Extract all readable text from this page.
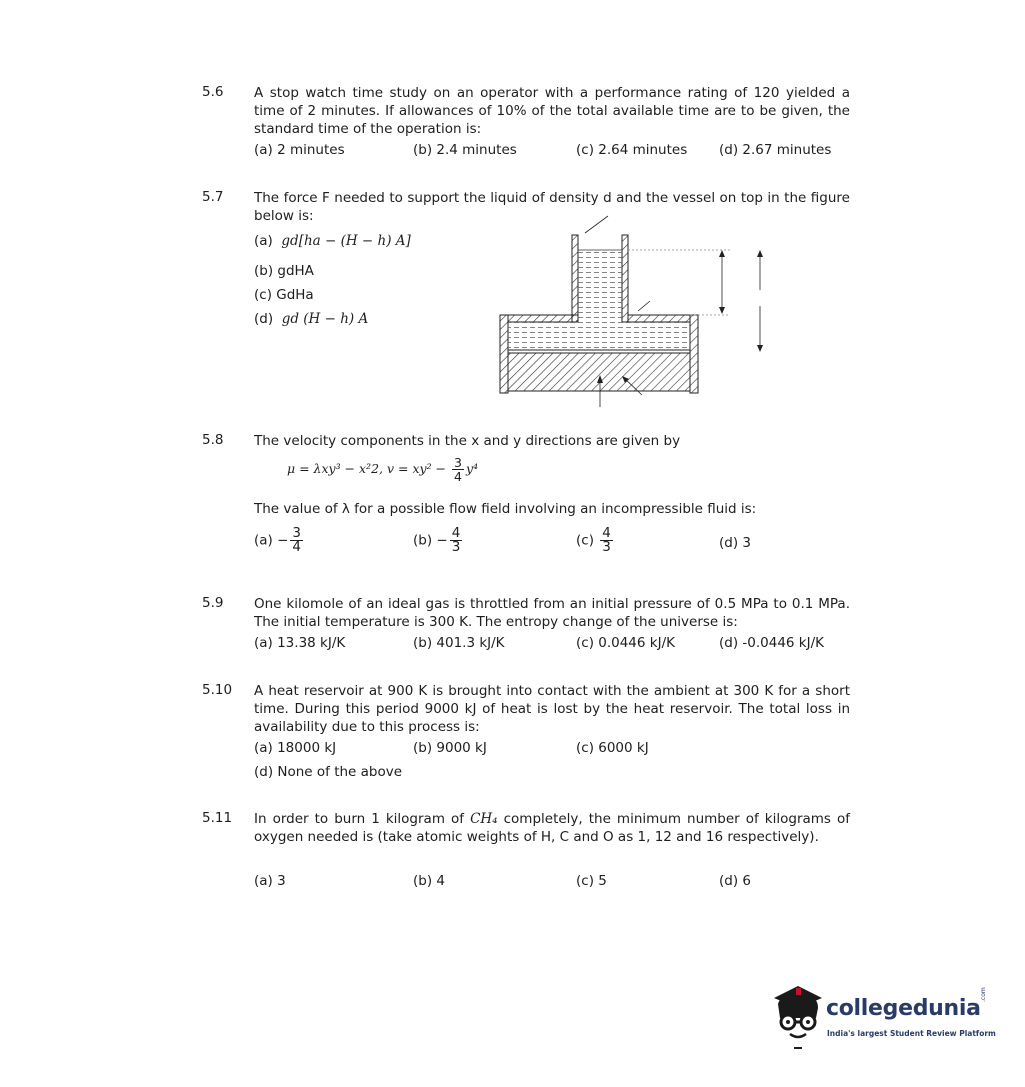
5.6 A stop watch time study on an operator with a performance rating of 120 yielded a time of 2 minutes. If allowances of 10% of the total available time are to be given, the standard time of the operation is:
(a) 2 minutes	(b) 2.4 minutes	(c) 2.64 minutes (d) 2.67 minutes
5.7 The force F needed to support the liquid of density d and the vessel on top in the figure below is:
(a) gd[ha − (H − h) A]
(b) gdHA
(c) GdHa
(d) gd (H − h) A
5.8 The velocity components in the x and y directions are given by
μ = λxy³ − x²2, $v = xy^2 - \frac{3}{4} y^4$
The value of λ for a possible flow field involving an incompressible fluid is:
$(a) - \frac{3}{4}$	$(b) - \frac{4}{3}$	$(c) \frac{4}{3}$	(d) 3
5.9 One kilomole of an ideal gas is throttled from an initial pressure of 0.5 MPa to 0.1 MPa. The initial temperature is 300 K. The entropy change of the universe is:
(a) 13.38 kJ/K	(b) 401.3 kJ/K	(c) 0.0446 kJ/K	(d) -0.0446 kJ/K
5.10 A heat reservoir at 900 K is brought into contact with the ambient at 300 K for a short time. During this period 9000 kJ of heat is lost by the heat reservoir. The total loss in availability due to this process is:
(a) 18000 kJ	(b) 9000 kJ	(c) 6000 kJ
(d) None of the above
5.11 In order to burn 1 kilogram of CH₄ completely, the minimum number of kilograms of oxygen needed is (take atomic weights of H, C and O as 1, 12 and 16 respectively).
(a) 3	(b) 4	(c) 5	(d) 6
collegedunia
.com
India's largest Student Review Platform
